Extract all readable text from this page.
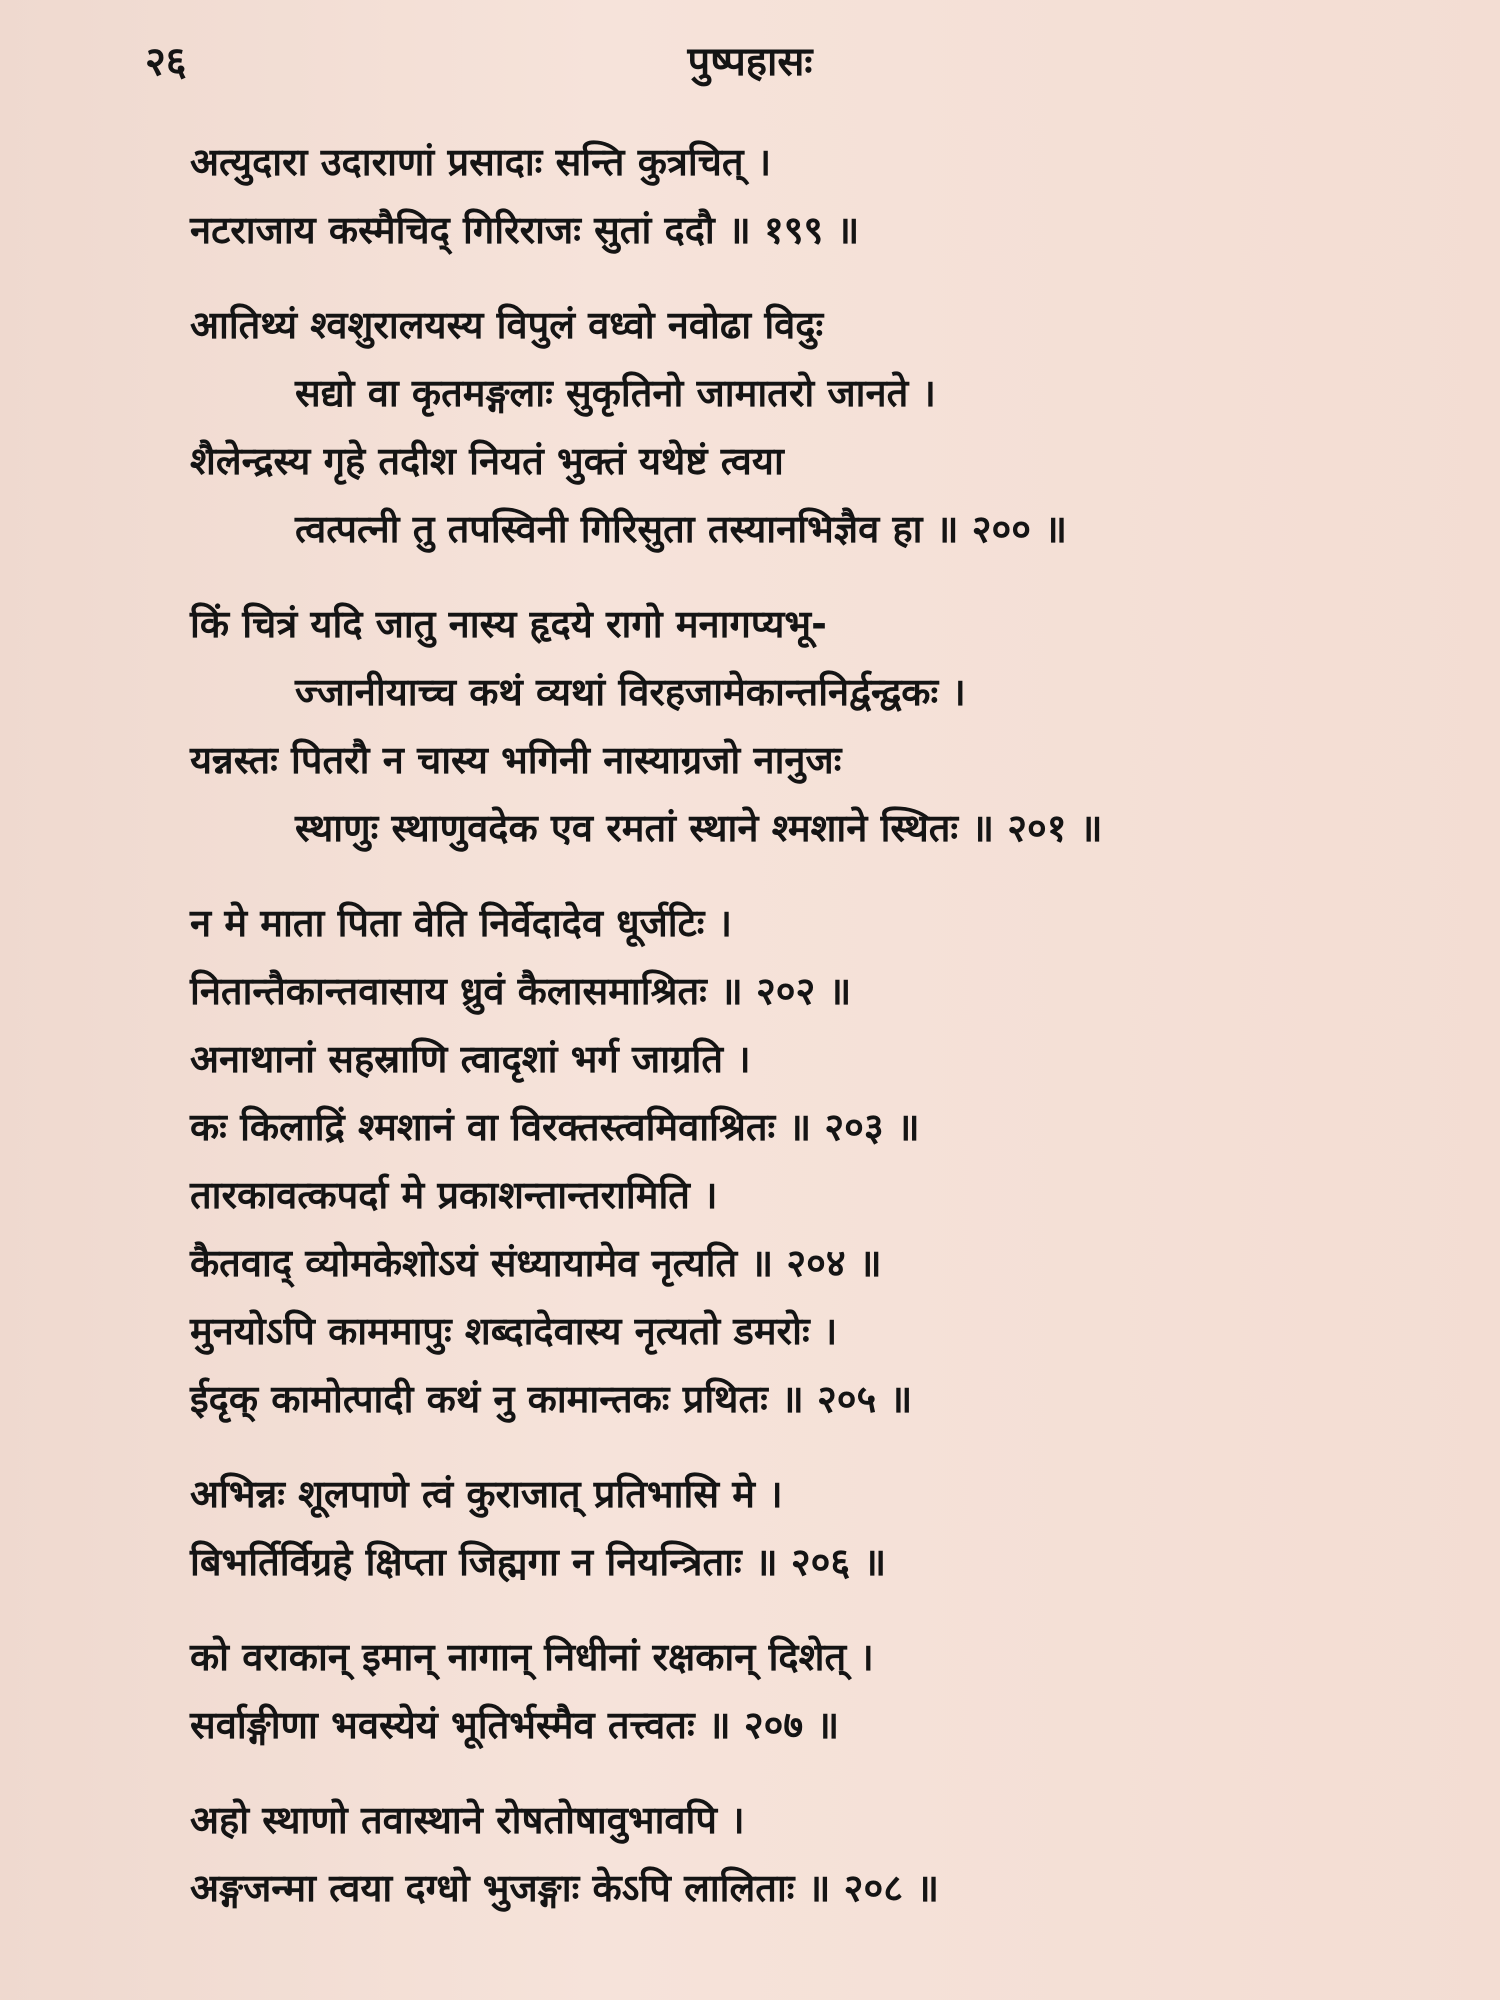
२६	पुष्पहासः
अत्युदारा उदाराणां प्रसादाः सन्ति कुत्रचित् ।
नटराजाय कस्मैचिद् गिरिराजः सुतां ददौ ॥ १९९ ॥
आतिथ्यं श्वशुरालयस्य विपुलं वध्वो नवोढा विदुः
सद्यो वा कृतमङ्गलाः सुकृतिनो जामातरो जानते ।
शैलेन्द्रस्य गृहे तदीश नियतं भुक्तं यथेष्टं त्वया
त्वत्पत्नी तु तपस्विनी गिरिसुता तस्यानभिज्ञैव हा ॥ २०० ॥
किं चित्रं यदि जातु नास्य हृदये रागो मनागप्यभू-
ज्जानीयाच्च कथं व्यथां विरहजामेकान्तनिर्द्वन्द्वकः ।
यन्नस्तः पितरौ न चास्य भगिनी नास्याग्रजो नानुजः
स्थाणुः स्थाणुवदेक एव रमतां स्थाने श्मशाने स्थितः ॥ २०१ ॥
न मे माता पिता वेति निर्वेदादेव धूर्जटिः ।
नितान्तैकान्तवासाय ध्रुवं कैलासमाश्रितः ॥ २०२ ॥
अनाथानां सहस्राणि त्वादृशां भर्ग जाग्रति ।
कः किलाद्रिं श्मशानं वा विरक्तस्त्वमिवाश्रितः ॥ २०३ ॥
तारकावत्कपर्दा मे प्रकाशन्तान्तरामिति ।
कैतवाद् व्योमकेशोऽयं संध्यायामेव नृत्यति ॥ २०४ ॥
मुनयोऽपि काममापुः शब्दादेवास्य नृत्यतो डमरोः ।
ईदृक् कामोत्पादी कथं नु कामान्तकः प्रथितः ॥ २०५ ॥
अभिन्नः शूलपाणे त्वं कुराजात् प्रतिभासि मे ।
बिभर्तिर्विग्रहे क्षिप्ता जिह्मगा न नियन्त्रिताः ॥ २०६ ॥
को वराकान् इमान् नागान् निधीनां रक्षकान् दिशेत् ।
सर्वाङ्गीणा भवस्येयं भूतिर्भस्मैव तत्त्वतः ॥ २०७ ॥
अहो स्थाणो तवास्थाने रोषतोषावुभावपि ।
अङ्गजन्मा त्वया दग्धो भुजङ्गाः केऽपि लालिताः ॥ २०८ ॥
